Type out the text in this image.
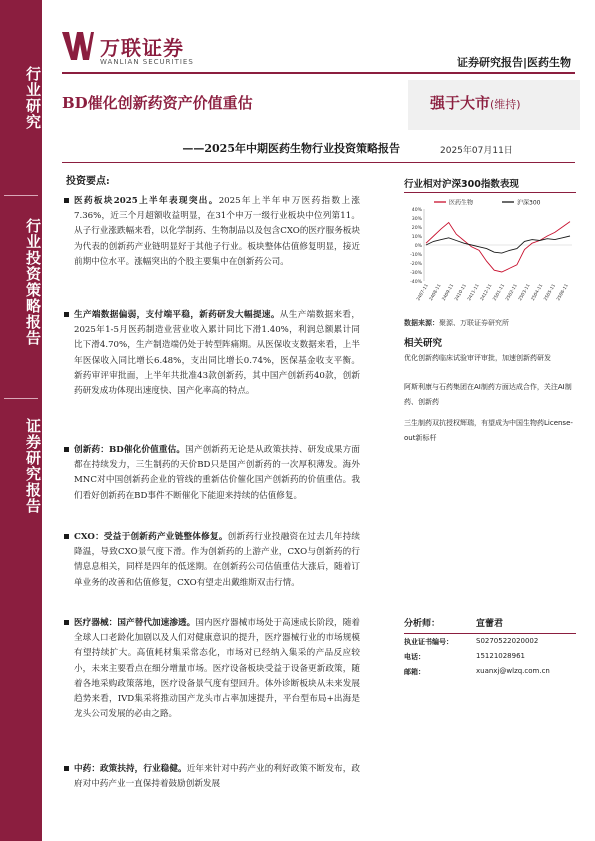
行业研究
行业投资策略报告
证券研究报告
万联证券
WANLIAN SECURITIES	证券研究报告|医药生物
BD催化创新药资产价值重估	强于大市(维持)
——2025年中期医药生物行业投资策略报告	2025年07月11日
投资要点:
医药板块2025上半年表现突出。2025年上半年申万医药指数上涨7.36%，近三个月超额收益明显，在31个申万一级行业板块中位列第11。从子行业涨跌幅来看，以化学制药、生物制品以及包含CXO的医疗服务板块为代表的创新药产业链明显好于其他子行业。板块整体估值修复明显，接近前期中位水平。涨幅突出的个股主要集中在创新药公司。
生产端数据偏弱，支付端平稳，新药研发大幅提速。从生产端数据来看，2025年1-5月医药制造业营业收入累计同比下滑1.40%，利润总额累计同比下滑4.70%，生产制造端仍处于转型阵痛期。从医保收支数据来看，上半年医保收入同比增长6.48%，支出同比增长0.74%，医保基金收支平衡。新药审评审批面，上半年共批准43款创新药，其中国产创新药40款，创新药研发成功体现出速度快、国产化率高的特点。
创新药：BD催化价值重估。国产创新药无论是从政策扶持、研发成果方面都在持续发力，三生制药的天价BD只是国产创新药的一次厚积薄发。海外MNC对中国创新药企业的管线的重新估价催化国产创新药的价值重估。我们看好创新药在BD事件不断催化下能迎来持续的估值修复。
CXO：受益于创新药产业链整体修复。创新药行业投融资在过去几年持续降温，导致CXO景气度下滑。作为创新药的上游产业，CXO与创新药的行情息息相关，同样是四年的低迷期。在创新药公司估值重估大涨后，随着订单业务的改善和估值修复，CXO有望走出戴维斯双击行情。
医疗器械：国产替代加速渗透。国内医疗器械市场处于高速成长阶段，随着全球人口老龄化加剧以及人们对健康意识的提升，医疗器械行业的市场规模有望持续扩大。高值耗材集采常态化，市场对已经纳入集采的产品反应较小，未来主要看点在细分增量市场。医疗设备板块受益于设备更新政策，随着各地采购政策落地，医疗设备景气度有望回升。体外诊断板块从未来发展趋势来看，IVD集采将推动国产龙头市占率加速提升，平台型布局+出海是龙头公司发展的必由之路。
中药：政策扶持，行业稳健。近年来针对中药产业的利好政策不断发布，政府对中药产业一直保持着鼓励创新发展
行业相对沪深300指数表现
医药生物	沪深300
40%
30%
20%
10%
0%
-10%
-20%
-30%
-40%
2407-11 2408-11 2409-11 2410-11 2411-11 2412-11 2501-11 2502-11 2503-11 2504-11 2505-11 2506-11
数据来源：聚源、万联证券研究所
相关研究
优化创新药临床试验审评审批，加速创新药研发
阿斯利康与石药集团在AI制药方面达成合作，关注AI制药、创新药
三生制药双抗授权辉瑞，有望成为中国生物药License-out新标杆
分析师：	宣蕾君
执业证书编号：	S0270522020002
电话：	15121028961
邮箱：	xuanxj@wlzq.com.cn
